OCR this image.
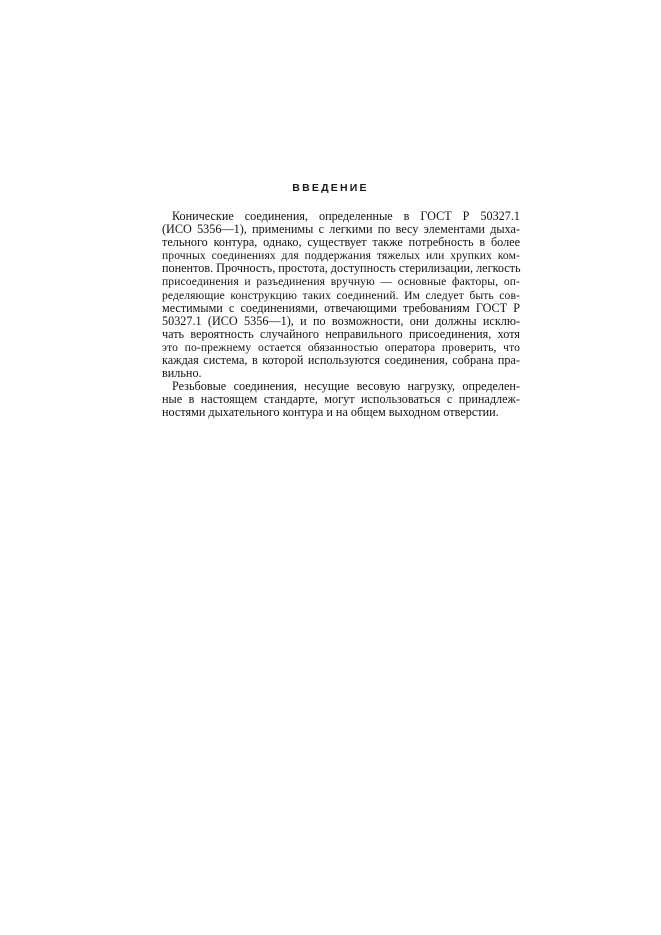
ВВЕДЕНИЕ
Конические соединения, определенные в ГОСТ Р 50327.1
(ИСО 5356—1), применимы с легкими по весу элементами дыха-
тельного контура, однако, существует также потребность в более
прочных соединениях для поддержания тяжелых или хрупких ком-
понентов. Прочность, простота, доступность стерилизации, легкость
присоединения и разъединения вручную — основные факторы, оп-
ределяющие конструкцию таких соединений. Им следует быть сов-
местимыми с соединениями, отвечающими требованиям ГОСТ Р
50327.1 (ИСО 5356—1), и по возможности, они должны исклю-
чать вероятность случайного неправильного присоединения, хотя
это по-прежнему остается обязанностью оператора проверить, что
каждая система, в которой используются соединения, собрана пра-
вильно.
Резьбовые соединения, несущие весовую нагрузку, определен-
ные в настоящем стандарте, могут использоваться с принадлеж-
ностями дыхательного контура и на общем выходном отверстии.
